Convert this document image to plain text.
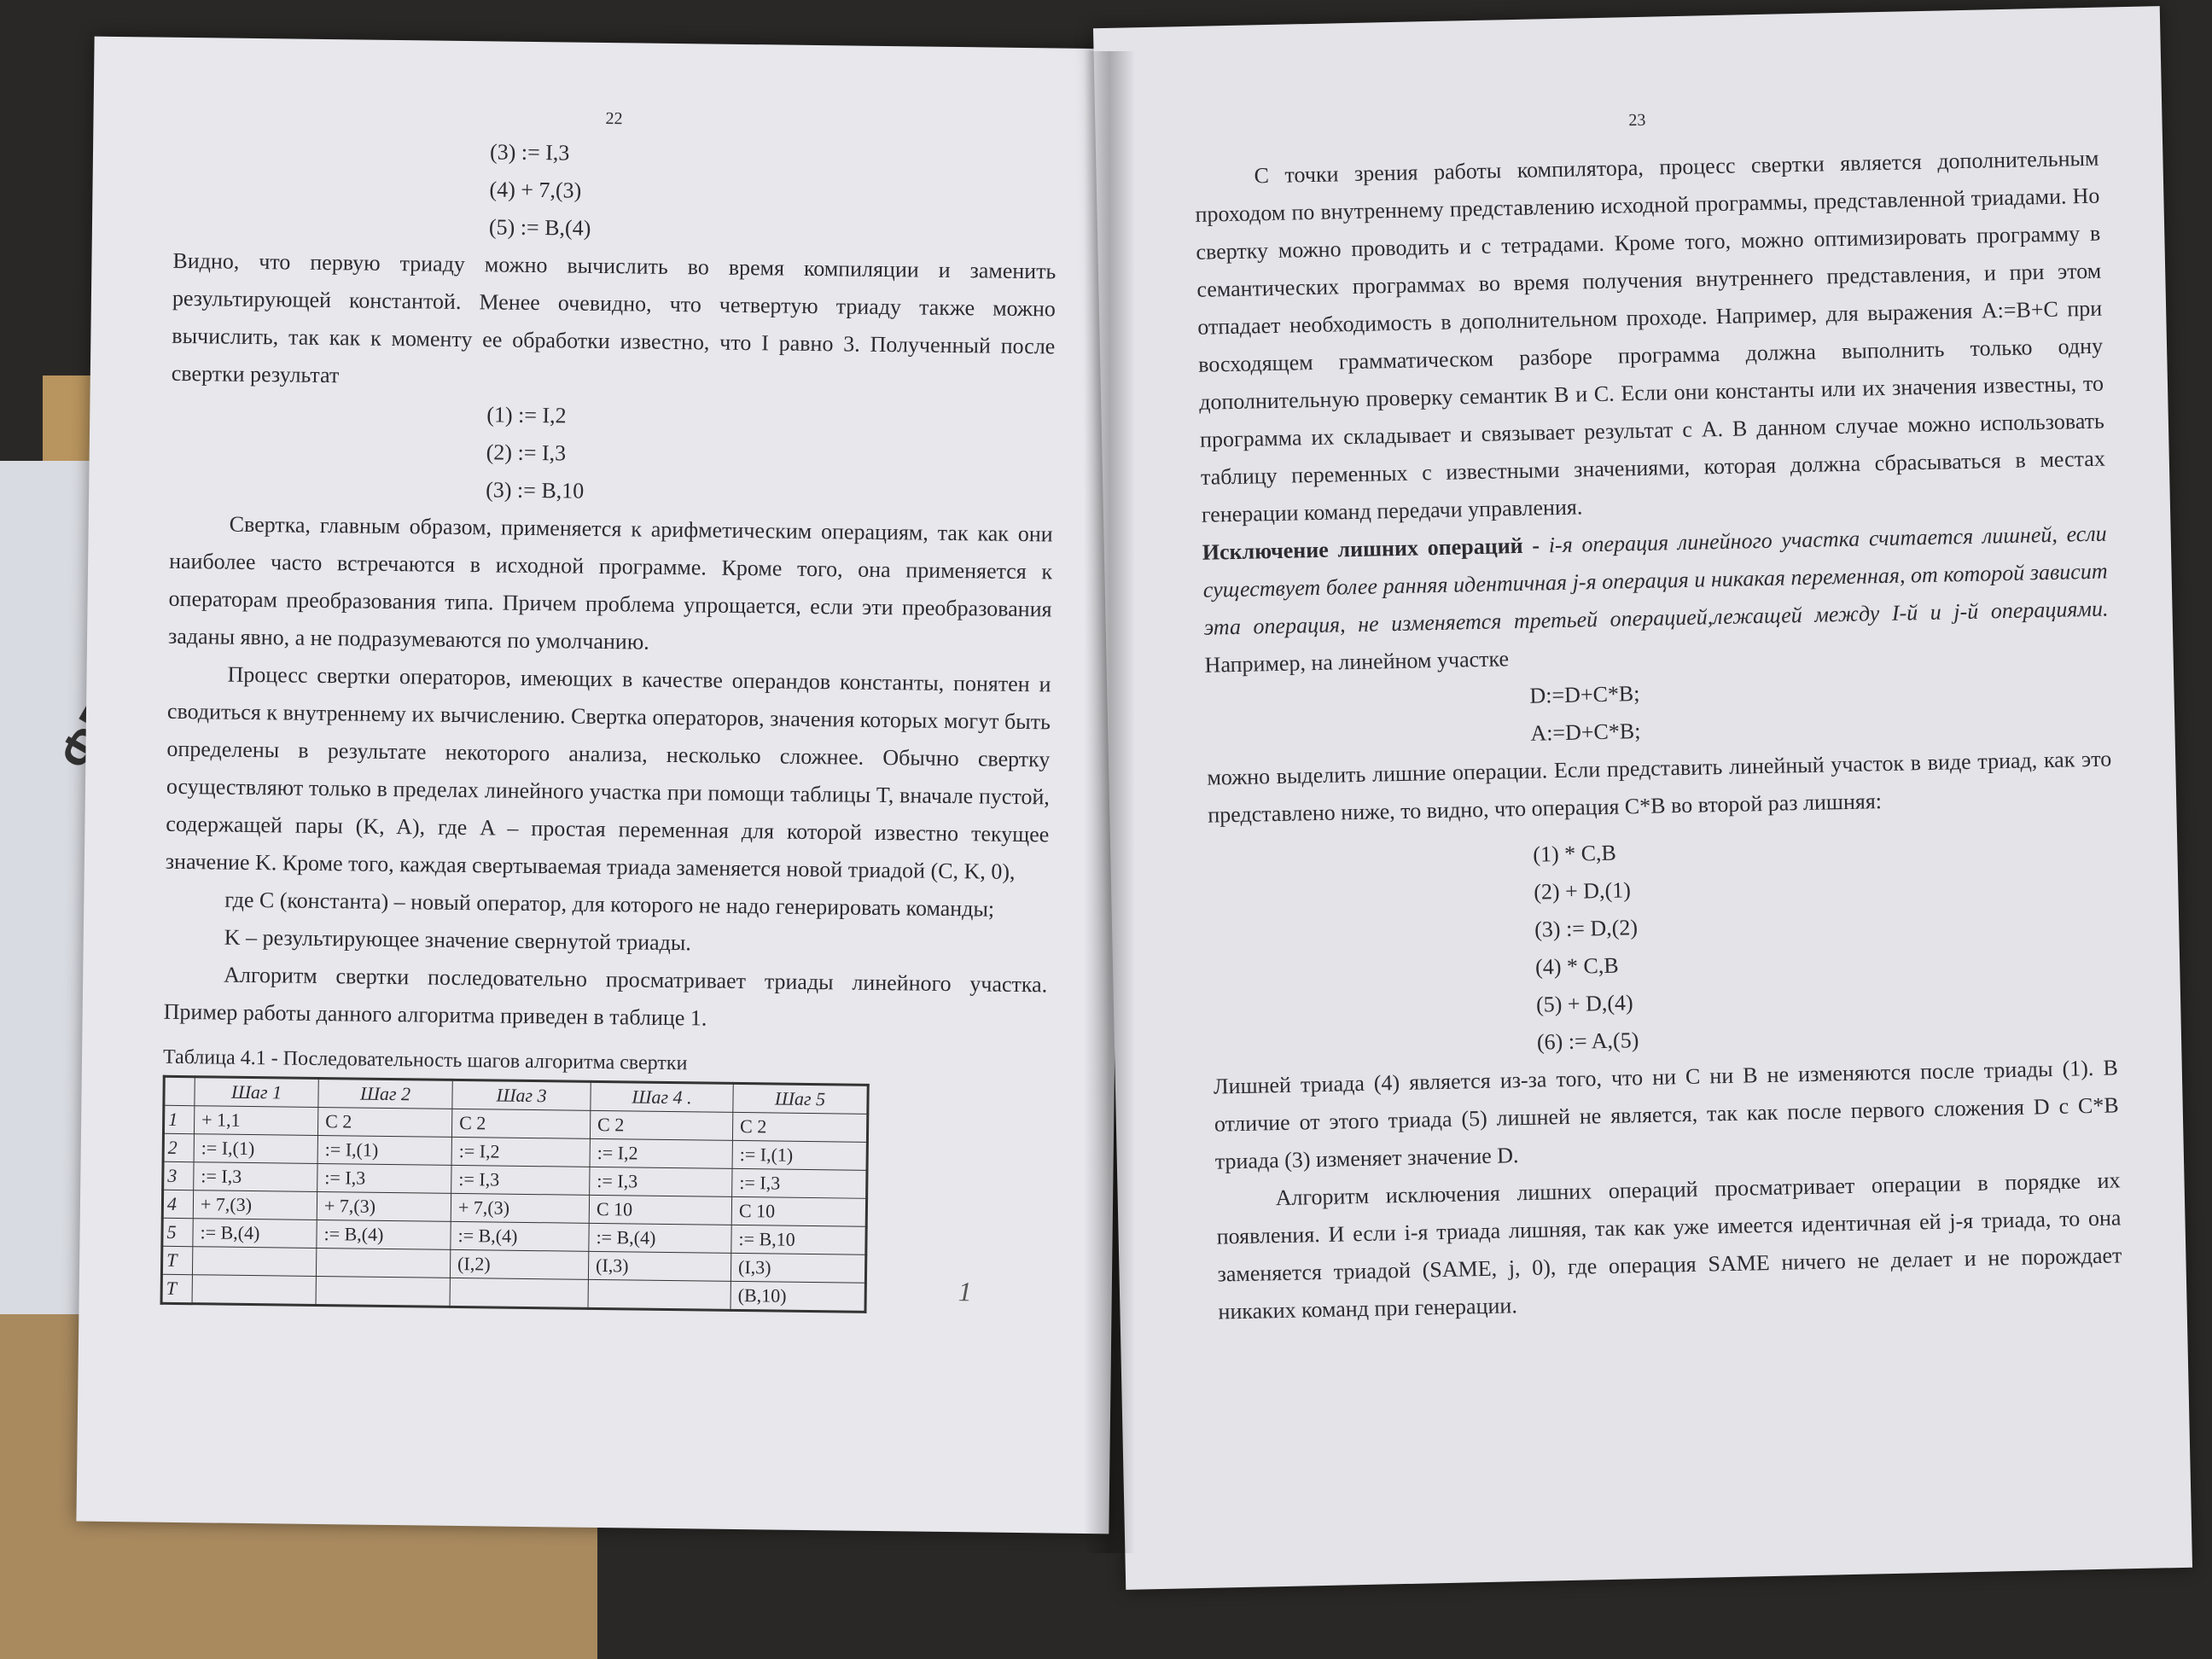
22
(3) := I,3
(4) + 7,(3)
(5) := B,(4)

Видно, что первую триаду можно вычислить во время компиляции и заменить результирующей константой. Менее очевидно, что четвертую триаду также можно вычислить, так как к моменту ее обработки известно, что I равно 3. Полученный после свертки результат

(1) := I,2
(2) := I,3
(3) := B,10

Свертка, главным образом, применяется к арифметическим операциям, так как они наиболее часто встречаются в исходной программе. Кроме того, она применяется к операторам преобразования типа. Причем проблема упрощается, если эти преобразования заданы явно, а не подразумеваются по умолчанию.

Процесс свертки операторов, имеющих в качестве операндов константы, понятен и сводиться к внутреннему их вычислению. Свертка операторов, значения которых могут быть определены в результате некоторого анализа, несколько сложнее. Обычно свертку осуществляют только в пределах линейного участка при помощи таблицы T, вначале пустой, содержащей пары (K, A), где A – простая переменная для которой известно текущее значение K. Кроме того, каждая свертываемая триада заменяется новой триадой (C, K, 0),

где C (константа) – новый оператор, для которого не надо генерировать команды;

K – результирующее значение свернутой триады.

Алгоритм свертки последовательно просматривает триады линейного участка. Пример работы данного алгоритма приведен в таблице 1.

Таблица 4.1 - Последовательность шагов алгоритма свертки
	Шаг 1	Шаг 2	Шаг 3	Шаг 4 .	Шаг 5
1	+ 1,1	C 2	C 2	C 2	C 2
2	:= I,(1)	:= I,(1)	:= I,2	:= I,2	:= I,(1)
3	:= I,3	:= I,3	:= I,3	:= I,3	:= I,3
4	+ 7,(3)	+ 7,(3)	+ 7,(3)	C 10	C 10
5	:= B,(4)	:= B,(4)	:= B,(4)	:= B,(4)	:= B,10
T			(I,2)	(I,3)	(I,3)
T					(B,10)	1
23

С точки зрения работы компилятора, процесс свертки является дополнительным проходом по внутреннему представлению исходной программы, представленной триадами. Но свертку можно проводить и с тетрадами. Кроме того, можно оптимизировать программу в семантических программах во время получения внутреннего представления, и при этом отпадает необходимость в дополнительном проходе. Например, для выражения A:=B+C при восходящем грамматическом разборе программа должна выполнить только одну дополнительную проверку семантик B и C. Если они константы или их значения известны, то программа их складывает и связывает результат с A. В данном случае можно использовать таблицу переменных с известными значениями, которая должна сбрасываться в местах генерации команд передачи управления.

Исключение лишних операций - i-я операция линейного участка считается лишней, если существует более ранняя идентичная j-я операция и никакая переменная, от которой зависит эта операция, не изменяется третьей операцией,лежащей между I-й и j-й операциями. Например, на линейном участке

D:=D+C*B;
A:=D+C*B;

можно выделить лишние операции. Если представить линейный участок в виде триад, как это представлено ниже, то видно, что операция C*B во второй раз лишняя:

(1) * C,B
(2) + D,(1)
(3) := D,(2)
(4) * C,B
(5) + D,(4)
(6) := A,(5)

Лишней триада (4) является из-за того, что ни C ни B не изменяются после триады (1). В отличие от этого триада (5) лишней не является, так как после первого сложения D с C*B триада (3) изменяет значение D.

Алгоритм исключения лишних операций просматривает операции в порядке их появления. И если i-я триада лишняя, так как уже имеется идентичная ей j-я триада, то она заменяется триадой (SAME, j, 0), где операция SAME ничего не делает и не порождает никаких команд при генерации.
